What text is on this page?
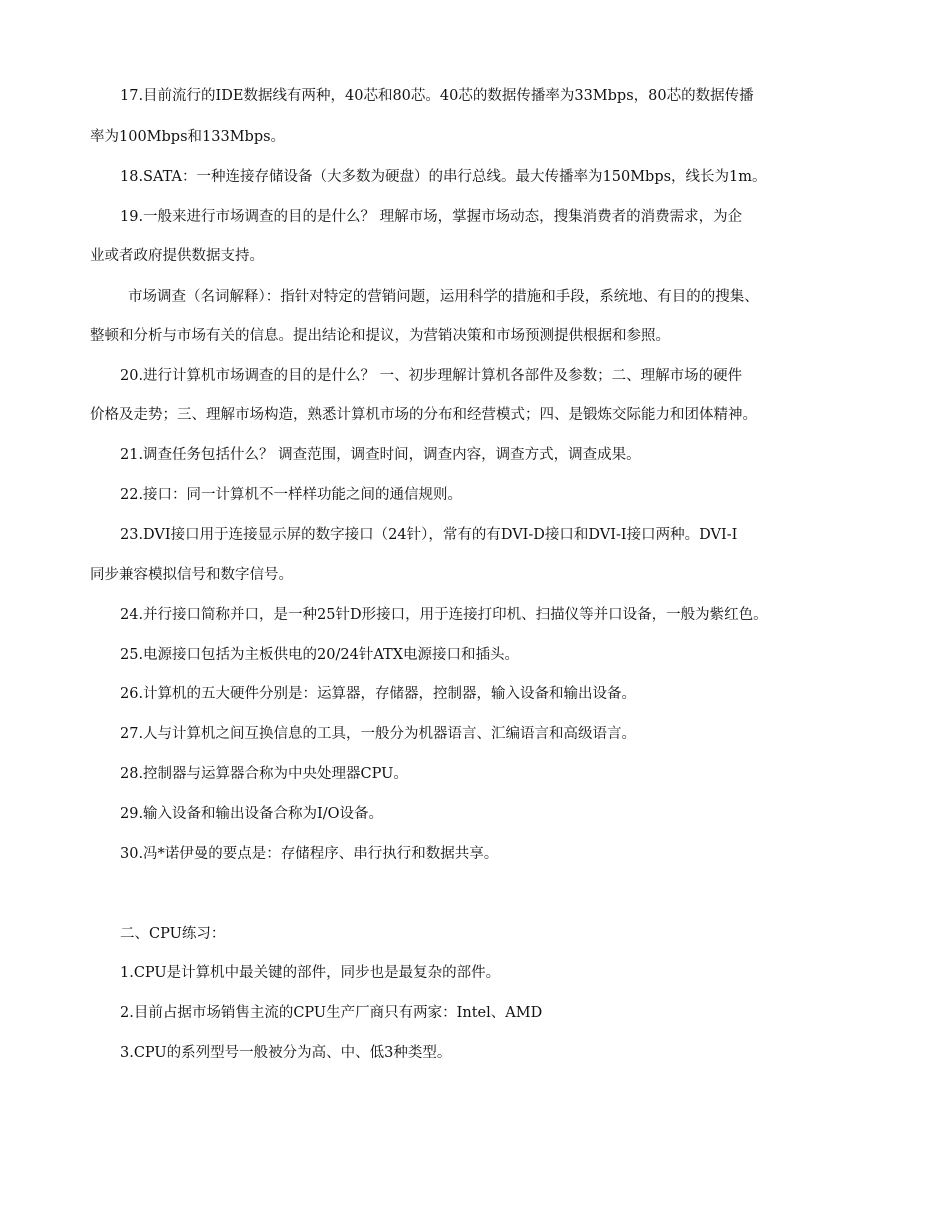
17.目前流行的IDE数据线有两种，40芯和80芯。40芯的数据传播率为33Mbps，80芯的数据传播
率为100Mbps和133Mbps。
18.SATA：一种连接存储设备（大多数为硬盘）的串行总线。最大传播率为150Mbps，线长为1m。
19.一般来进行市场调查的目的是什么？ 理解市场，掌握市场动态，搜集消费者的消费需求，为企
业或者政府提供数据支持。
市场调查（名词解释）：指针对特定的营销问题，运用科学的措施和手段，系统地、有目的的搜集、
整顿和分析与市场有关的信息。提出结论和提议，为营销决策和市场预测提供根据和参照。
20.进行计算机市场调查的目的是什么？ 一、初步理解计算机各部件及参数；二、理解市场的硬件
价格及走势；三、理解市场构造，熟悉计算机市场的分布和经营模式；四、是锻炼交际能力和团体精神。
21.调查任务包括什么？ 调查范围，调查时间，调查内容，调查方式，调查成果。
22.接口：同一计算机不一样样功能之间的通信规则。
23.DVI接口用于连接显示屏的数字接口（24针），常有的有DVI-D接口和DVI-I接口两种。DVI-I
同步兼容模拟信号和数字信号。
24.并行接口简称并口，是一种25针D形接口，用于连接打印机、扫描仪等并口设备，一般为紫红色。
25.电源接口包括为主板供电的20/24针ATX电源接口和插头。
26.计算机的五大硬件分别是：运算器，存储器，控制器，输入设备和输出设备。
27.人与计算机之间互换信息的工具，一般分为机器语言、汇编语言和高级语言。
28.控制器与运算器合称为中央处理器CPU。
29.输入设备和输出设备合称为I/O设备。
30.冯*诺伊曼的要点是：存储程序、串行执行和数据共享。
二、CPU练习：
1.CPU是计算机中最关键的部件，同步也是最复杂的部件。
2.目前占据市场销售主流的CPU生产厂商只有两家：Intel、AMD
3.CPU的系列型号一般被分为高、中、低3种类型。
